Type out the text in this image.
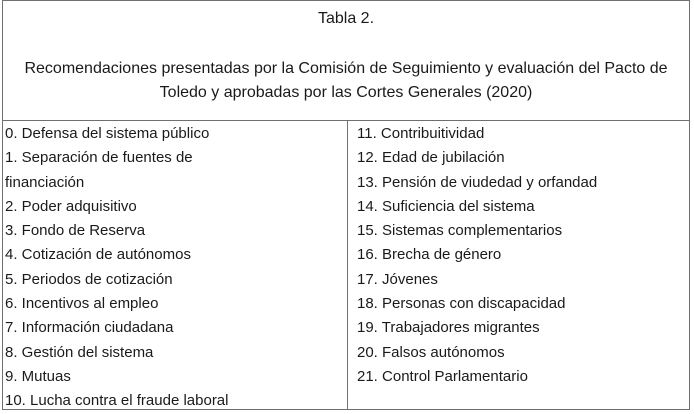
Tabla 2.
Recomendaciones presentadas por la Comisión de Seguimiento y evaluación del Pacto de Toledo y aprobadas por las Cortes Generales (2020)
0. Defensa del sistema público
1. Separación de fuentes de
financiación
2. Poder adquisitivo
3. Fondo de Reserva
4. Cotización de autónomos
5. Periodos de cotización
6. Incentivos al empleo
7. Información ciudadana
8. Gestión del sistema
9. Mutuas
10. Lucha contra el fraude laboral
11. Contribuitividad
12. Edad de jubilación
13. Pensión de viudedad y orfandad
14. Suficiencia del sistema
15. Sistemas complementarios
16. Brecha de género
17. Jóvenes
18. Personas con discapacidad
19. Trabajadores migrantes
20. Falsos autónomos
21. Control Parlamentario
